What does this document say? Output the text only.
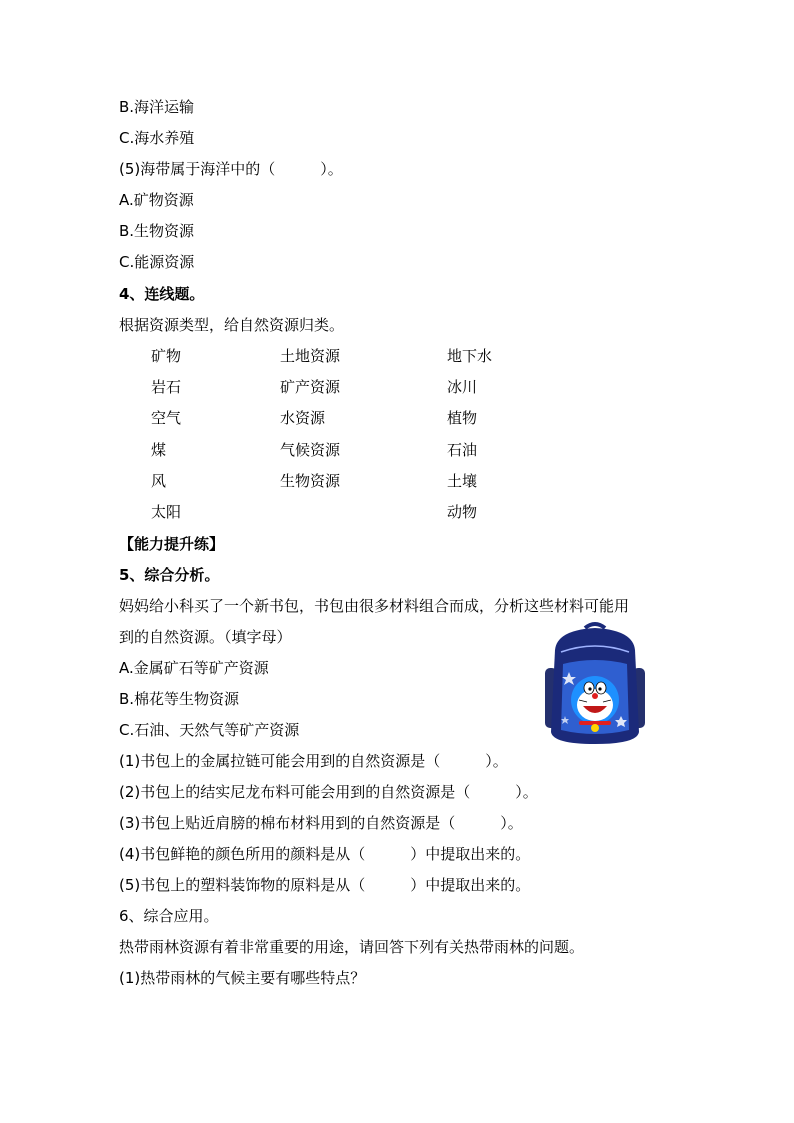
B.海洋运输
C.海水养殖
(5)海带属于海洋中的（　　　）。
A.矿物资源
B.生物资源
C.能源资源
4、连线题。
根据资源类型，给自然资源归类。
矿物
岩石
空气
煤
风
太阳
土地资源
矿产资源
水资源
气候资源
生物资源
地下水
冰川
植物
石油
土壤
动物
【能力提升练】
5、综合分析。
妈妈给小科买了一个新书包，书包由很多材料组合而成，分析这些材料可能用
到的自然资源。（填字母）
A.金属矿石等矿产资源
B.棉花等生物资源
C.石油、天然气等矿产资源
(1)书包上的金属拉链可能会用到的自然资源是（　　　）。
(2)书包上的结实尼龙布料可能会用到的自然资源是（　　　）。
(3)书包上贴近肩膀的棉布材料用到的自然资源是（　　　）。
(4)书包鲜艳的颜色所用的颜料是从（　　　）中提取出来的。
(5)书包上的塑料装饰物的原料是从（　　　）中提取出来的。
6、综合应用。
热带雨林资源有着非常重要的用途，请回答下列有关热带雨林的问题。
(1)热带雨林的气候主要有哪些特点？
